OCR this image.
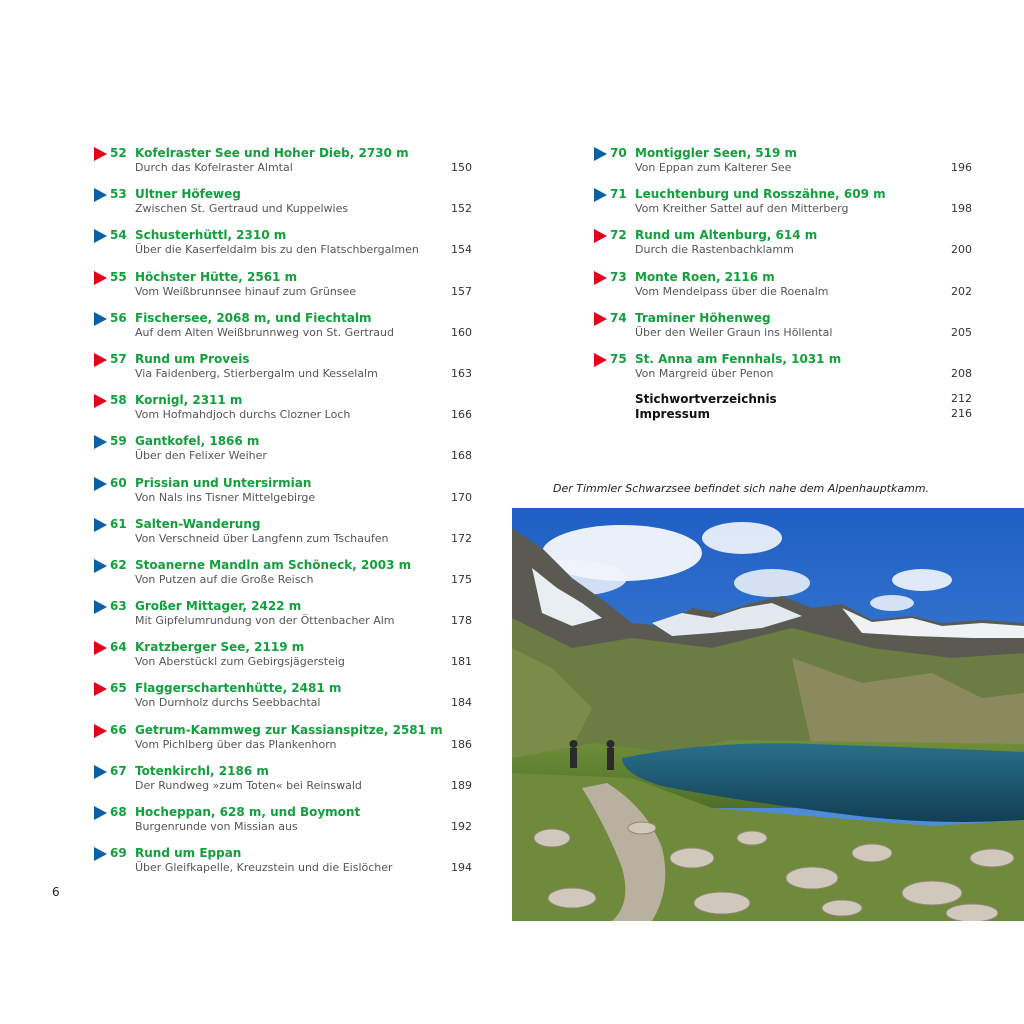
52 Kofelraster See und Hoher Dieb, 2730 m
Durch das Kofelraster Almtal	150
53 Ultner Höfeweg
Zwischen St. Gertraud und Kuppelwies	152
54 Schusterhüttl, 2310 m
Über die Kaserfeldalm bis zu den Flatschbergalmen	154
55 Höchster Hütte, 2561 m
Vom Weißbrunnsee hinauf zum Grünsee	157
56 Fischersee, 2068 m, und Fiechtalm
Auf dem Alten Weißbrunnweg von St. Gertraud	160
57 Rund um Proveis
Via Faidenberg, Stierbergalm und Kesselalm	163
58 Kornigl, 2311 m
Vom Hofmahdjoch durchs Clozner Loch	166
59 Gantkofel, 1866 m
Über den Felixer Weiher	168
60 Prissian und Untersirmian
Von Nals ins Tisner Mittelgebirge	170
61 Salten-Wanderung
Von Verschneid über Langfenn zum Tschaufen	172
62 Stoanerne Mandln am Schöneck, 2003 m
Von Putzen auf die Große Reisch	175
63 Großer Mittager, 2422 m
Mit Gipfelumrundung von der Öttenbacher Alm	178
64 Kratzberger See, 2119 m
Von Aberstückl zum Gebirgsjägersteig	181
65 Flaggerschartenhütte, 2481 m
Von Durnholz durchs Seebbachtal	184
66 Getrum-Kammweg zur Kassianspitze, 2581 m
Vom Pichlberg über das Plankenhorn	186
67 Totenkirchl, 2186 m
Der Rundweg »zum Toten« bei Reinswald	189
68 Hocheppan, 628 m, und Boymont
Burgenrunde von Missian aus	192
69 Rund um Eppan
Über Gleifkapelle, Kreuzstein und die Eislöcher	194
70 Montiggler Seen, 519 m
Von Eppan zum Kalterer See	196
71 Leuchtenburg und Rosszähne, 609 m
Vom Kreither Sattel auf den Mitterberg	198
72 Rund um Altenburg, 614 m
Durch die Rastenbachklamm	200
73 Monte Roen, 2116 m
Vom Mendelpass über die Roenalm	202
74 Traminer Höhenweg
Über den Weiler Graun ins Höllental	205
75 St. Anna am Fennhals, 1031 m
Von Margreid über Penon	208
Stichwortverzeichnis	212
Impressum	216
Der Timmler Schwarzsee befindet sich nahe dem Alpenhauptkamm.
6
